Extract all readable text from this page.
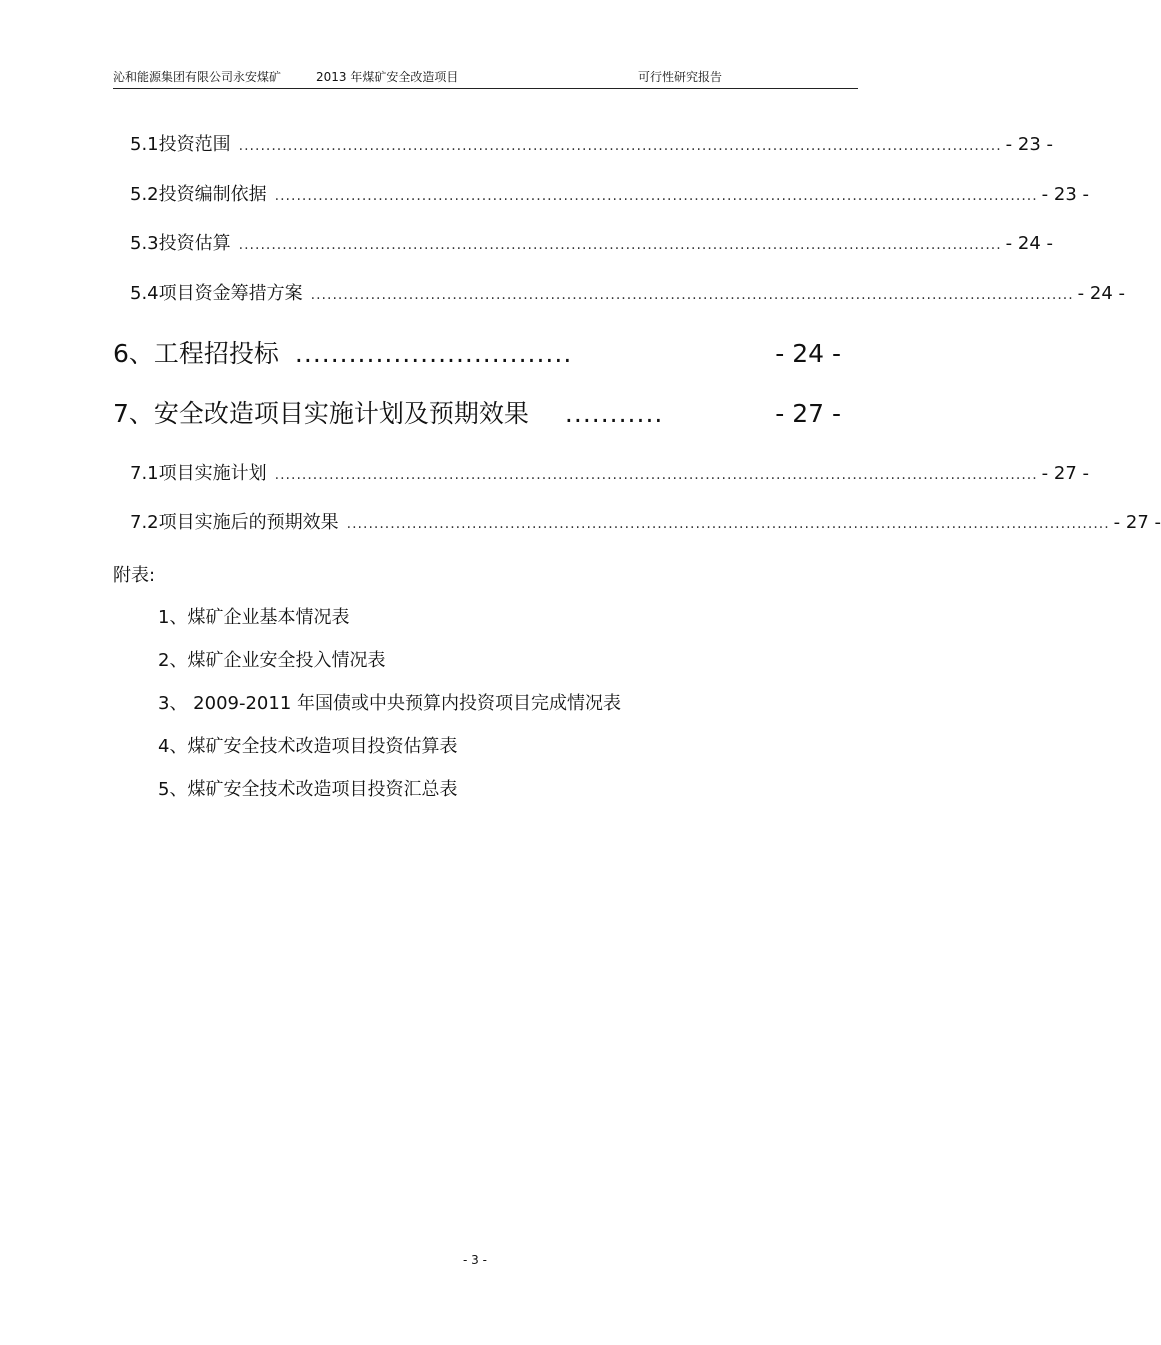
沁和能源集团有限公司永安煤矿	2013 年煤矿安全改造项目	可行性研究报告
5.1 投资范围 ............................................................................................................................................ - 23 -
5.2 投资编制依据 ............................................................................................................................................ - 23 -
5.3 投资估算 ............................................................................................................................................ - 24 -
5.4 项目资金筹措方案 ............................................................................................................................................ - 24 -
6、工程招投标 ...............................	- 24 -
7、安全改造项目实施计划及预期效果 ...........	- 27 -
7.1 项目实施计划 ............................................................................................................................................ - 27 -
7.2 项目实施后的预期效果 ............................................................................................................................................ - 27 -
附表:
1、煤矿企业基本情况表
2、煤矿企业安全投入情况表
3、 2009-2011 年国债或中央预算内投资项目完成情况表
4、煤矿安全技术改造项目投资估算表
5、煤矿安全技术改造项目投资汇总表
- 3 -
